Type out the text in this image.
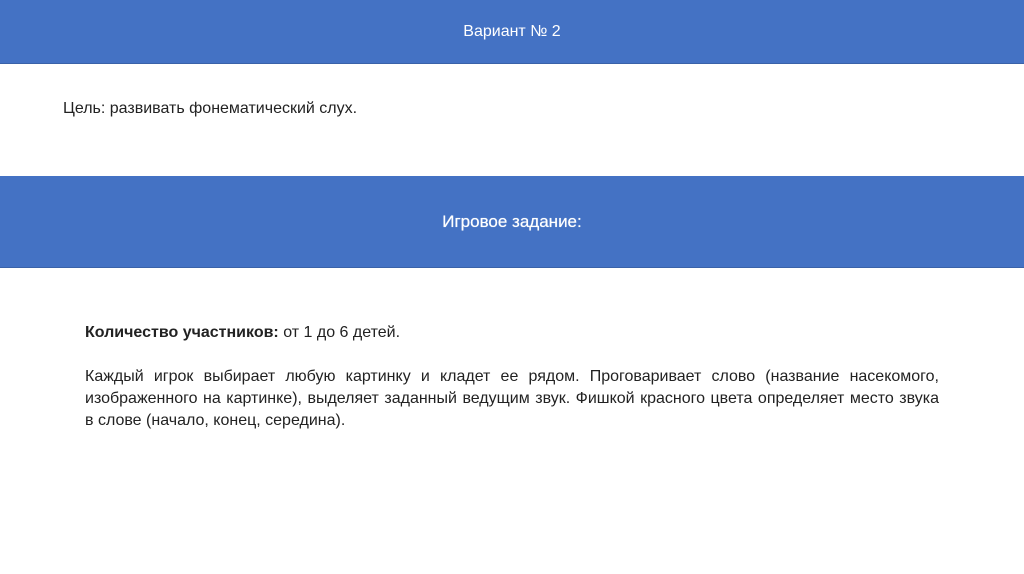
Вариант № 2
Цель: развивать фонематический слух.
Игровое задание:

Количество участников: от 1 до 6 детей.

Каждый игрок выбирает любую картинку и кладет ее рядом. Проговаривает слово (название насекомого, изображенного на картинке), выделяет заданный ведущим звук. Фишкой красного цвета определяет место звука в слове (начало, конец, середина).
